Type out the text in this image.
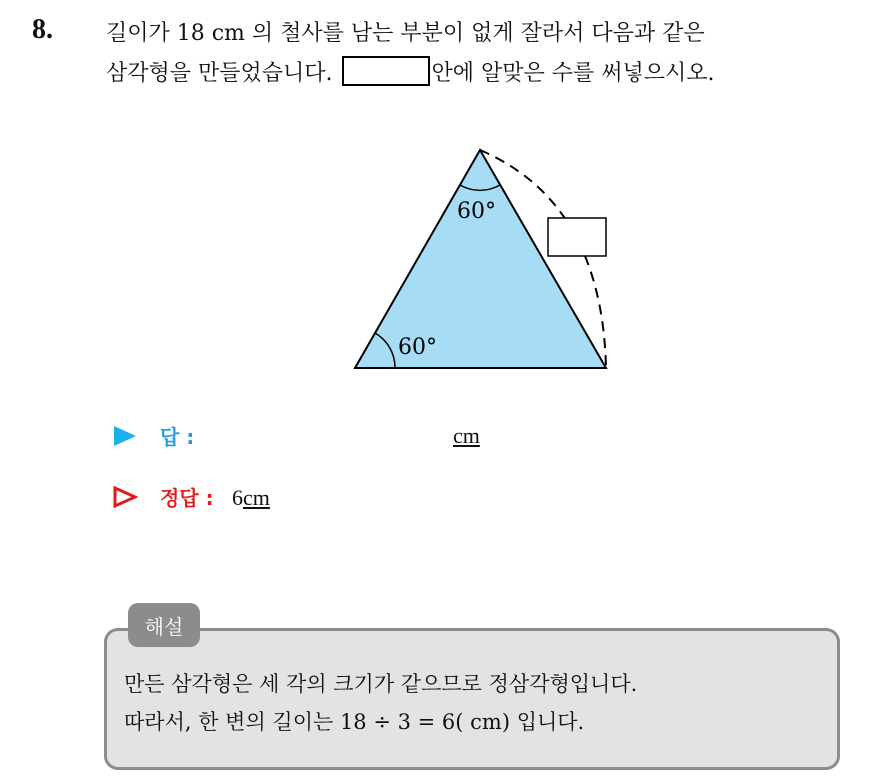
8. 길이가 18 cm 의 철사를 남는 부분이 없게 잘라서 다음과 같은
삼각형을 만들었습니다.	안에 알맞은 수를 써넣으시오.
60°
60°
답 :	cm
정답 : 6cm
해설
만든 삼각형은 세 각의 크기가 같으므로 정삼각형입니다.
따라서, 한 변의 길이는 18 ÷ 3 = 6( cm) 입니다.
